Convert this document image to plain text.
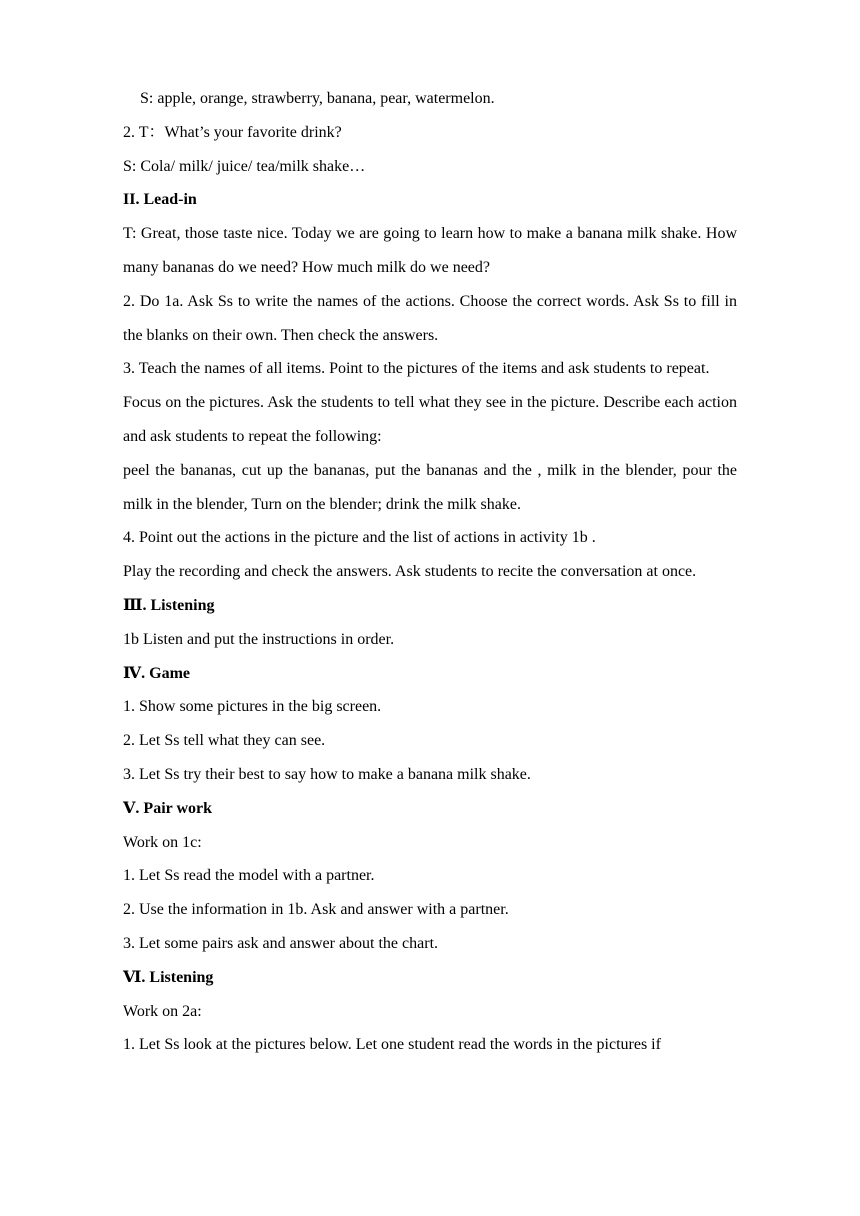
S: apple, orange, strawberry, banana, pear, watermelon.

2. T：What’s your favorite drink?

S: Cola/ milk/ juice/ tea/milk shake…

II. Lead-in

T: Great, those taste nice. Today we are going to learn how to make a banana milk shake. How many bananas do we need? How much milk do we need?

2. Do 1a. Ask Ss to write the names of the actions. Choose the correct words. Ask Ss to fill in the blanks on their own. Then check the answers.

3. Teach the names of all items. Point to the pictures of the items and ask students to repeat.

Focus on the pictures. Ask the students to tell what they see in the picture. Describe each action and ask students to repeat the following:

peel the bananas, cut up the bananas, put the bananas and the , milk in the blender, pour the milk in the blender, Turn on the blender; drink the milk shake.

4. Point out the actions in the picture and the list of actions in activity 1b .

Play the recording and check the answers. Ask students to recite the conversation at once.

Ⅲ. Listening

1b Listen and put the instructions in order.

Ⅳ. Game

1. Show some pictures in the big screen.

2. Let Ss tell what they can see.

3. Let Ss try their best to say how to make a banana milk shake.

Ⅴ. Pair work

Work on 1c:

1. Let Ss read the model with a partner.

2. Use the information in 1b. Ask and answer with a partner.

3. Let some pairs ask and answer about the chart.

Ⅵ. Listening

Work on 2a:

1. Let Ss look at the pictures below. Let one student read the words in the pictures if
